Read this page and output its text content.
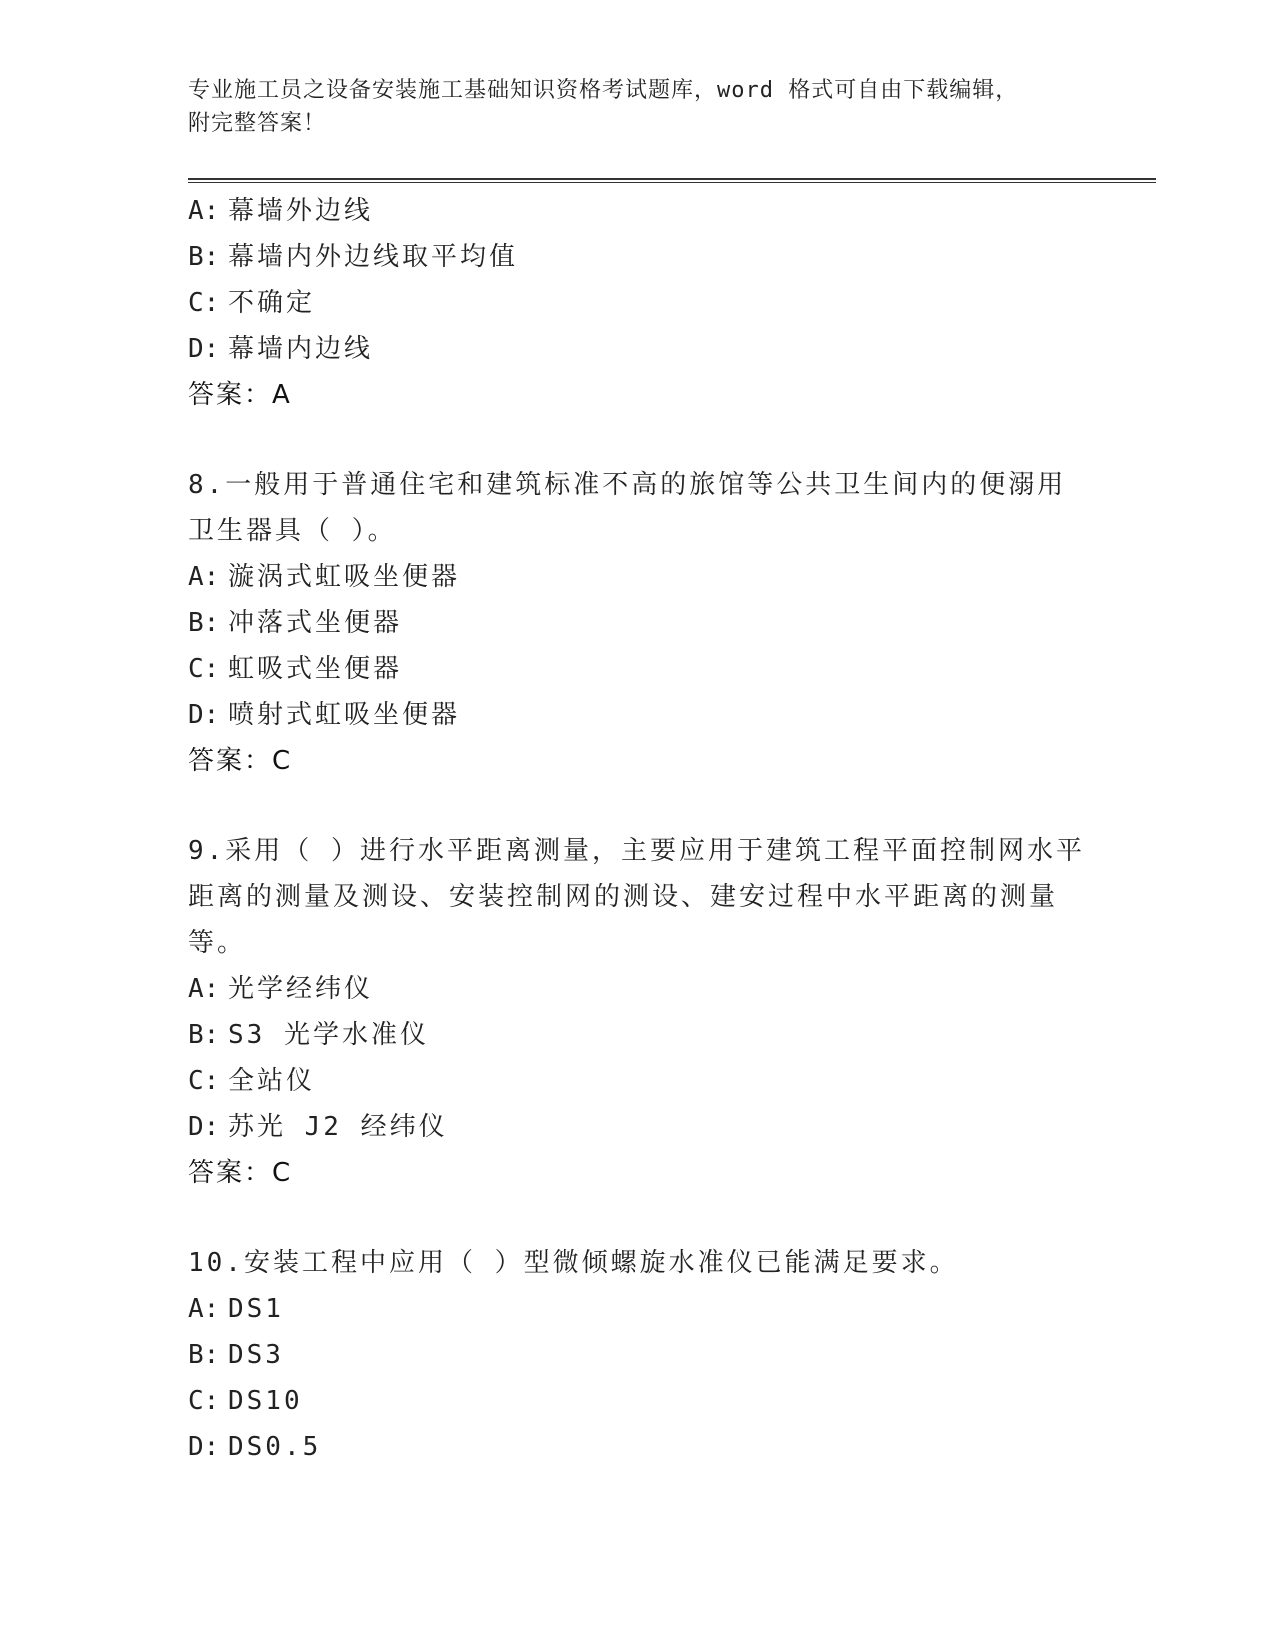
专业施工员之设备安装施工基础知识资格考试题库，word 格式可自由下载编辑，
附完整答案！
A: 幕墙外边线
B: 幕墙内外边线取平均值
C: 不确定
D: 幕墙内边线
答案：A
8.一般用于普通住宅和建筑标准不高的旅馆等公共卫生间内的便溺用
卫生器具（ ）。
A: 漩涡式虹吸坐便器
B: 冲落式坐便器
C: 虹吸式坐便器
D: 喷射式虹吸坐便器
答案：C
9.采用（ ）进行水平距离测量，主要应用于建筑工程平面控制网水平
距离的测量及测设、安装控制网的测设、建安过程中水平距离的测量
等。
A: 光学经纬仪
B: S3 光学水准仪
C: 全站仪
D: 苏光 J2 经纬仪
答案：C
10.安装工程中应用（ ）型微倾螺旋水准仪已能满足要求。
A: DS1
B: DS3
C: DS10
D: DS0.5
